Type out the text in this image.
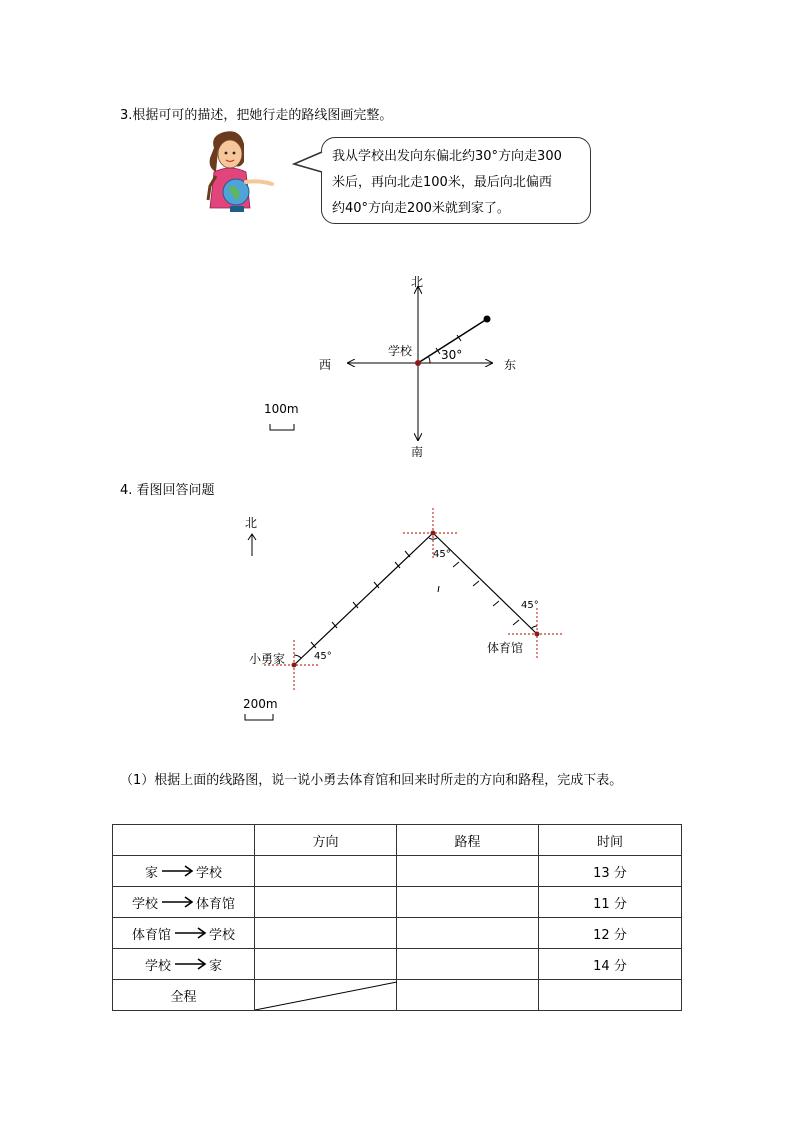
3.根据可可的描述，把她行走的路线图画完整。
我从学校出发向东偏北约30°方向走300
米后，再向北走100米，最后向北偏西
约40°方向走200米就到家了。
北
南
西	东
学校 30°
100m
4. 看图回答问题
北
小勇家	45°
45°
45°
体育馆
200m
（1）根据上面的线路图，说一说小勇去体育馆和回来时所走的方向和路程，完成下表。
	方向	路程	时间
家 学校			13 分
学校 体育馆			11 分
体育馆 学校			12 分
学校 家			14 分
全程	
